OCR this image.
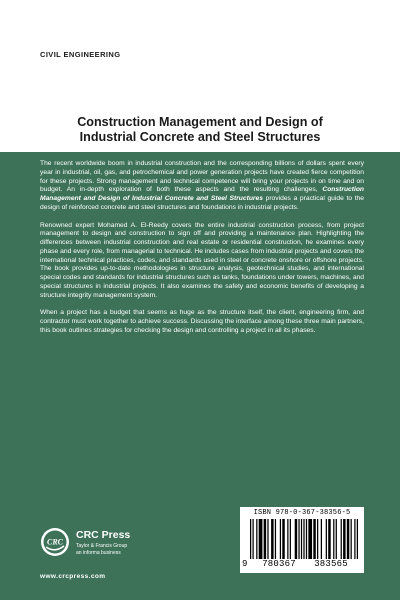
CIVIL ENGINEERING
Construction Management and Design of
Industrial Concrete and Steel Structures

The recent worldwide boom in industrial construction and the corresponding billions of dollars spent every year in industrial, oil, gas, and petrochemical and power generation projects have created fierce competition for these projects. Strong management and technical competence will bring your projects in on time and on budget. An in-depth exploration of both these aspects and the resulting challenges, Construction Management and Design of Industrial Concrete and Steel Structures provides a practical guide to the design of reinforced concrete and steel structures and foundations in industrial projects.

Renowned expert Mohamed A. El-Reedy covers the entire industrial construction process, from project management to design and construction to sign off and providing a maintenance plan. Highlighting the differences between industrial construction and real estate or residential construction, he examines every phase and every role, from managerial to technical. He includes cases from industrial projects and covers the international technical practices, codes, and standards used in steel or concrete onshore or offshore projects. The book provides up-to-date methodologies in structure analysis, geotechnical studies, and international special codes and standards for industrial structures such as tanks, foundations under towers, machines, and special structures in industrial projects. It also examines the safety and economic benefits of developing a structure integrity management system.

When a project has a budget that seems as huge as the structure itself, the client, engineering firm, and contractor must work together to achieve success. Discussing the interface among these three main partners, this book outlines strategies for checking the design and controlling a project in all its phases.

CRC
CRC Press
Taylor & Francis Group
an informa business
www.crcpress.com
ISBN 978-0-367-38356-5
9	780367	383565
